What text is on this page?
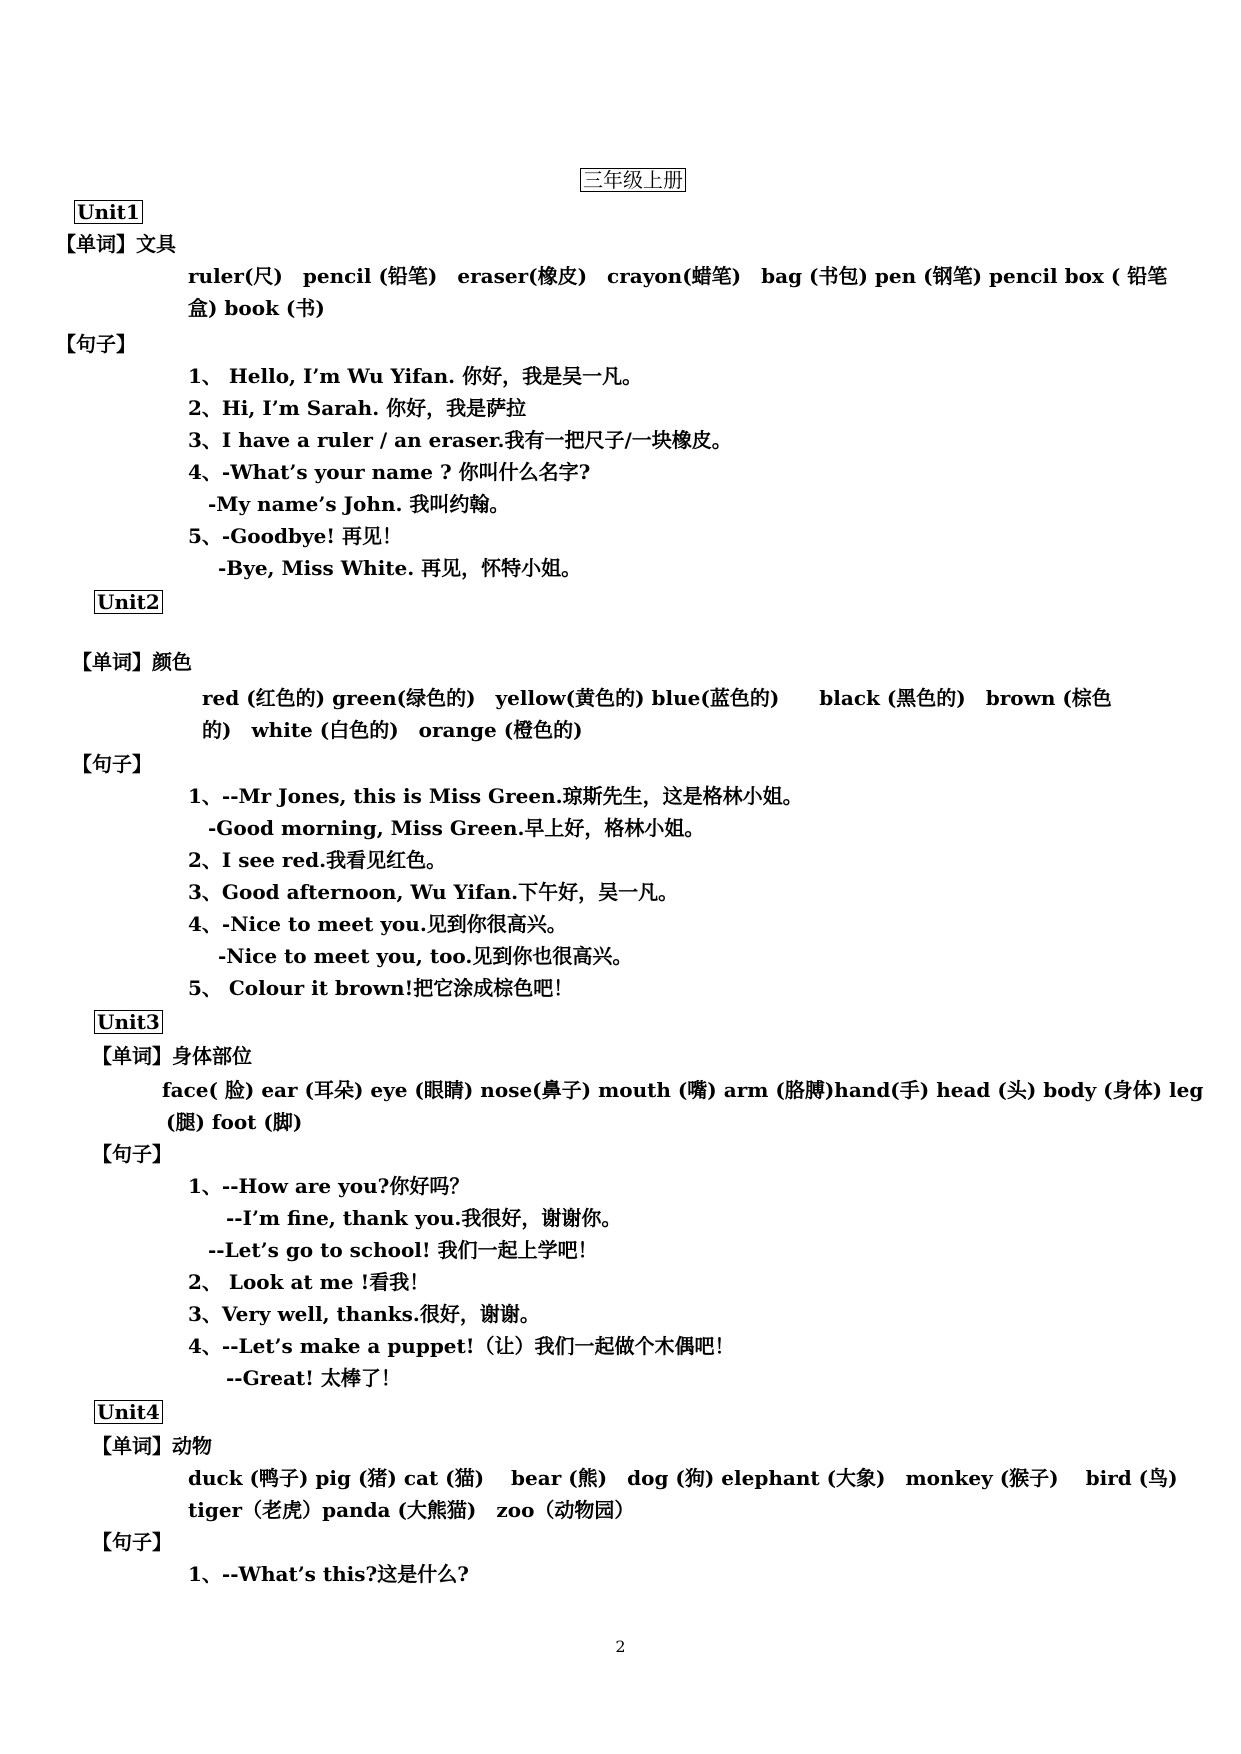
三年级上册
Unit1
【单词】文具
ruler(尺)　pencil (铅笔)　eraser(橡皮)　crayon(蜡笔)　bag (书包) pen (钢笔) pencil box ( 铅笔
盒) book (书)
【句子】
1、 Hello, I’m Wu Yifan. 你好，我是吴一凡。
2、Hi, I’m Sarah. 你好，我是萨拉
3、I have a ruler / an eraser.我有一把尺子/一块橡皮。
4、-What’s your name ? 你叫什么名字?
-My name’s John. 我叫约翰。
5、-Goodbye! 再见！
-Bye, Miss White. 再见，怀特小姐。
Unit2
【单词】颜色
red (红色的) green(绿色的)　yellow(黄色的) blue(蓝色的)　　black (黑色的)　brown (棕色
的)　white (白色的)　orange (橙色的)
【句子】
1、--Mr Jones, this is Miss Green.琼斯先生，这是格林小姐。
-Good morning, Miss Green.早上好，格林小姐。
2、I see red.我看见红色。
3、Good afternoon, Wu Yifan.下午好，吴一凡。
4、-Nice to meet you.见到你很高兴。
-Nice to meet you, too.见到你也很高兴。
5、 Colour it brown!把它涂成棕色吧！
Unit3
【单词】身体部位
face( 脸) ear (耳朵) eye (眼睛) nose(鼻子) mouth (嘴) arm (胳膊)hand(手) head (头) body (身体) leg
(腿) foot (脚)
【句子】
1、--How are you?你好吗？
--I’m fine, thank you.我很好，谢谢你。
--Let’s go to school! 我们一起上学吧！
2、 Look at me !看我！
3、Very well, thanks.很好，谢谢。
4、--Let’s make a puppet!（让）我们一起做个木偶吧！
--Great! 太棒了！
Unit4
【单词】动物
duck (鸭子) pig (猪) cat (猫)　 bear (熊)　dog (狗) elephant (大象)　monkey (猴子)　 bird (鸟)
tiger（老虎）panda (大熊猫)　zoo（动物园）
【句子】
1、--What’s this?这是什么?
2
